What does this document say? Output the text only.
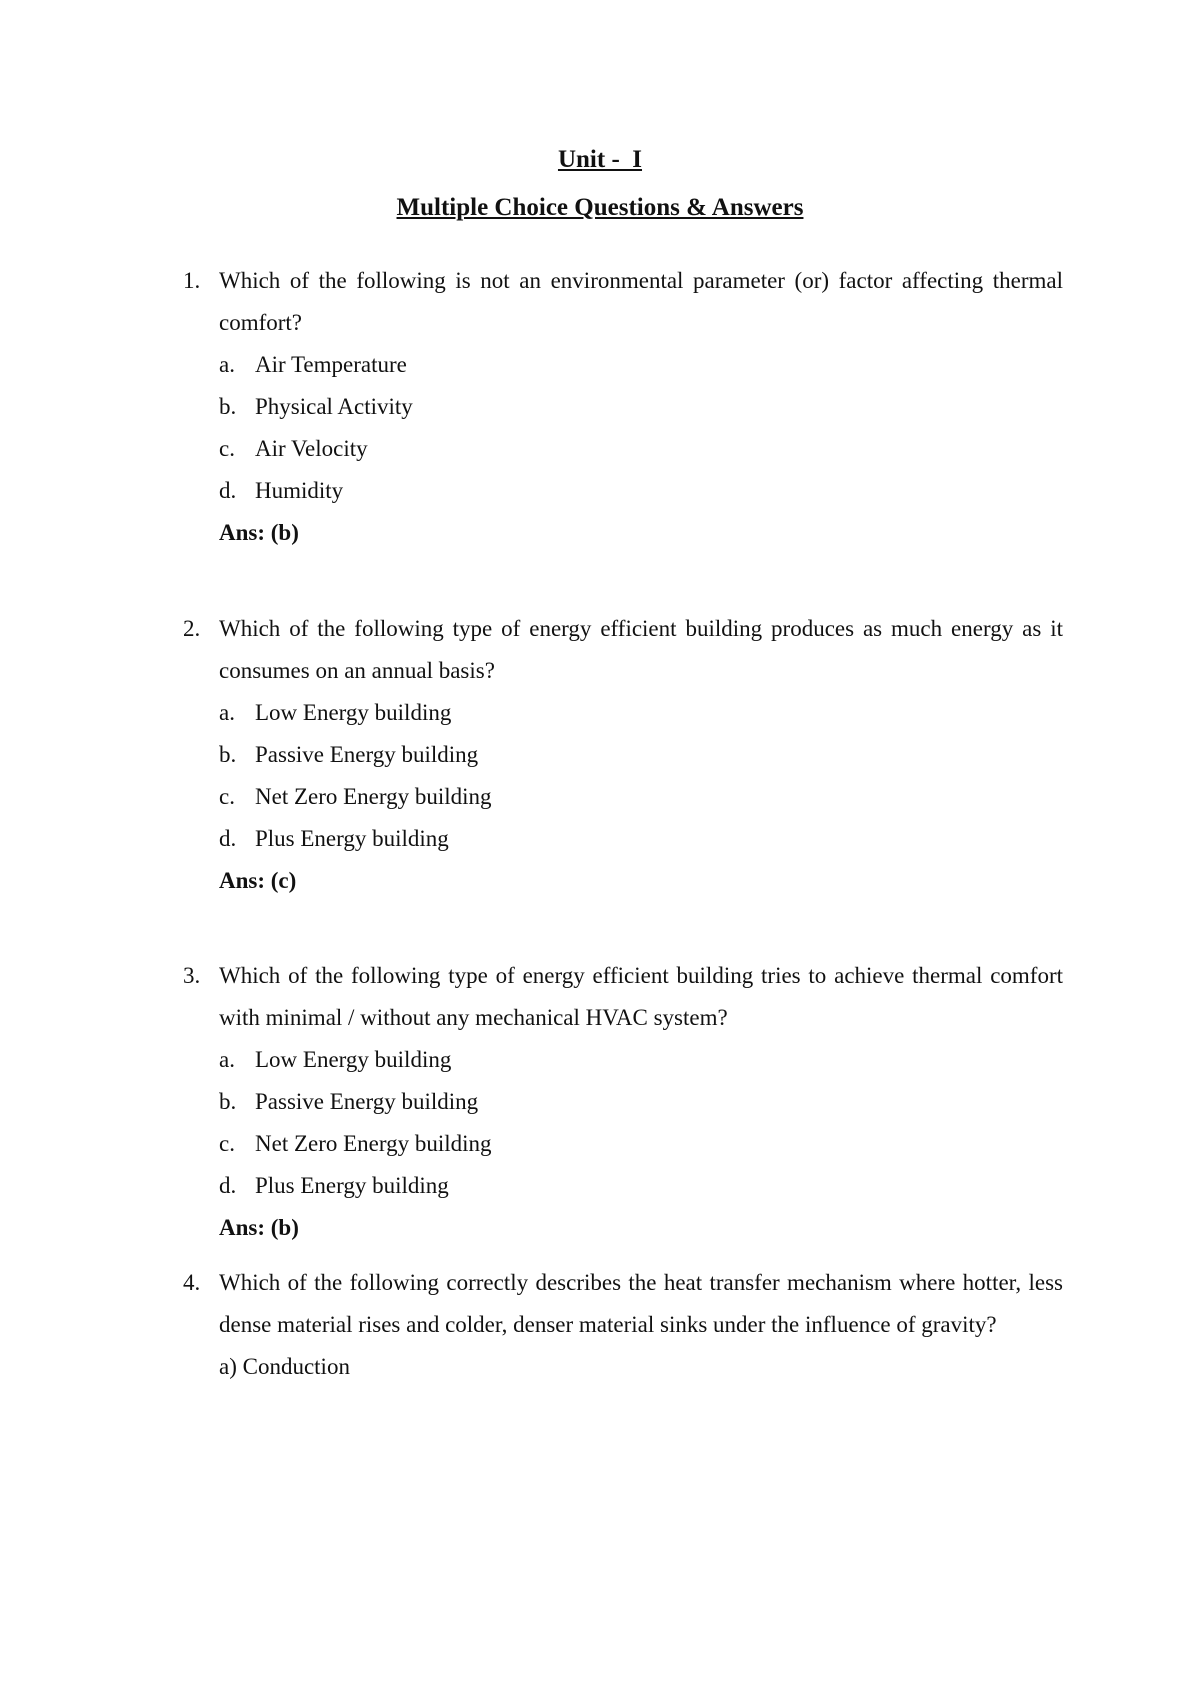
Unit -  I
Multiple Choice Questions & Answers
1. Which of the following is not an environmental parameter (or) factor affecting thermal comfort?
a. Air Temperature
b. Physical Activity
c. Air Velocity
d. Humidity
Ans: (b)
2. Which of the following type of energy efficient building produces as much energy as it consumes on an annual basis?
a. Low Energy building
b. Passive Energy building
c. Net Zero Energy building
d. Plus Energy building
Ans: (c)
3. Which of the following type of energy efficient building tries to achieve thermal comfort with minimal / without any mechanical HVAC system?
a. Low Energy building
b. Passive Energy building
c. Net Zero Energy building
d. Plus Energy building
Ans: (b)
4. Which of the following correctly describes the heat transfer mechanism where hotter, less dense material rises and colder, denser material sinks under the influence of gravity?
a) Conduction
